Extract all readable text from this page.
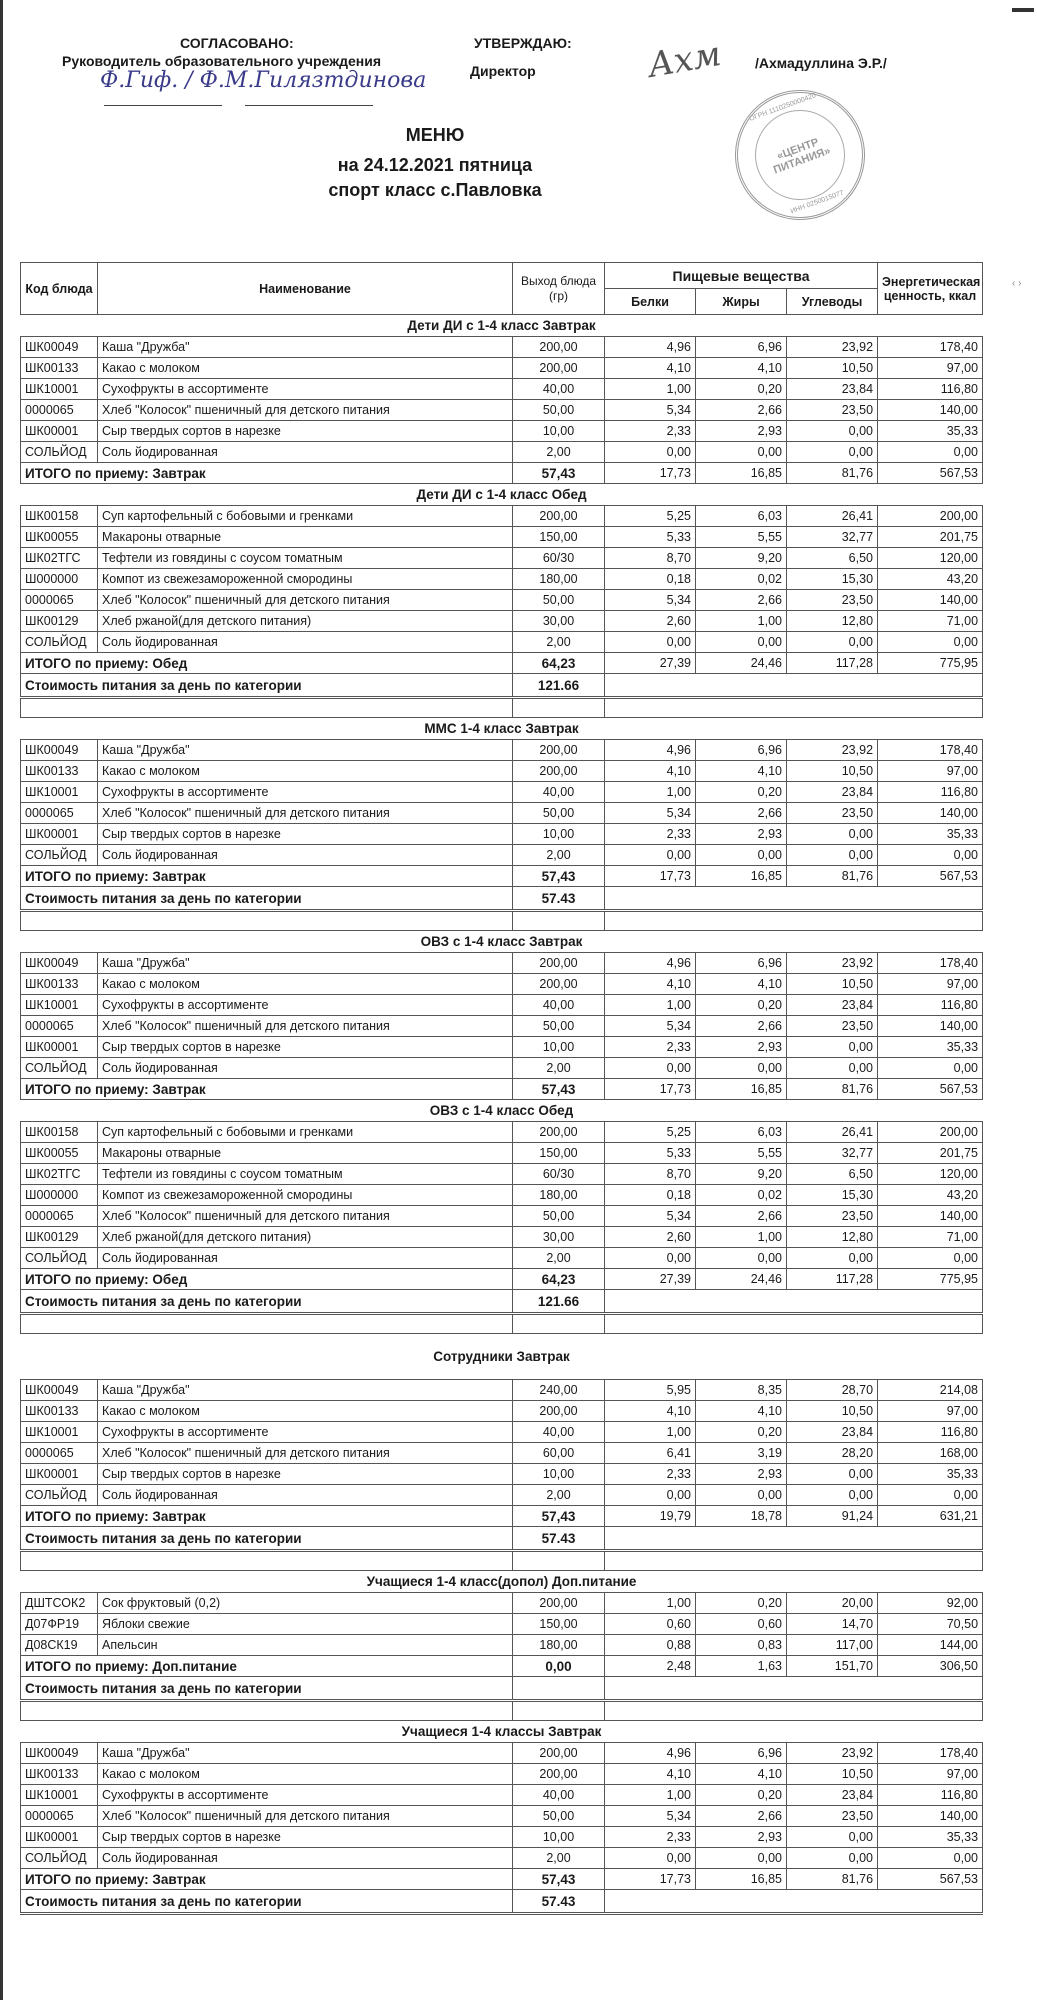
‹ ›
СОГЛАСОВАНО:
Руководитель образовательного учреждения
Ф.Гиф. / Ф.М.Гилязтдинова
УТВЕРЖДАЮ:
Директор	Ахм /Ахмадуллина Э.Р./
ОГРН 1110250000420
«ЦЕНТР ПИТАНИЯ»
ИНН 0250015077
МЕНЮ
на 24.12.2021 пятница
спорт класс с.Павловка
Код блюда	Наименование	Выход блюда (гр)	Пищевые вещества			Энергетическая ценность, ккал
			Белки	Жиры	Углеводы	
Дети ДИ с 1-4 класс Завтрак						
ШК00049	Каша "Дружба"	200,00	4,96	6,96	23,92	178,40
ШК00133	Какао с молоком	200,00	4,10	4,10	10,50	97,00
ШК10001	Сухофрукты в ассортименте	40,00	1,00	0,20	23,84	116,80
0000065	Хлеб "Колосок" пшеничный для детского питания	50,00	5,34	2,66	23,50	140,00
ШК00001	Сыр твердых сортов в нарезке	10,00	2,33	2,93	0,00	35,33
СОЛЬЙОД	Соль йодированная	2,00	0,00	0,00	0,00	0,00
ИТОГО по приему: Завтрак		57,43	17,73	16,85	81,76	567,53
Дети ДИ с 1-4 класс Обед						
ШК00158	Суп картофельный с бобовыми и гренками	200,00	5,25	6,03	26,41	200,00
ШК00055	Макароны отварные	150,00	5,33	5,55	32,77	201,75
ШК02ТГС	Тефтели из говядины с соусом томатным	60/30	8,70	9,20	6,50	120,00
Ш000000	Компот из свежезамороженной смородины	180,00	0,18	0,02	15,30	43,20
0000065	Хлеб "Колосок" пшеничный для детского питания	50,00	5,34	2,66	23,50	140,00
ШК00129	Хлеб ржаной(для детского питания)	30,00	2,60	1,00	12,80	71,00
СОЛЬЙОД	Соль йодированная	2,00	0,00	0,00	0,00	0,00
ИТОГО по приему: Обед		64,23	27,39	24,46	117,28	775,95
Стоимость питания за день по категории		121.66				

ММС 1-4 класс Завтрак						
ШК00049	Каша "Дружба"	200,00	4,96	6,96	23,92	178,40
ШК00133	Какао с молоком	200,00	4,10	4,10	10,50	97,00
ШК10001	Сухофрукты в ассортименте	40,00	1,00	0,20	23,84	116,80
0000065	Хлеб "Колосок" пшеничный для детского питания	50,00	5,34	2,66	23,50	140,00
ШК00001	Сыр твердых сортов в нарезке	10,00	2,33	2,93	0,00	35,33
СОЛЬЙОД	Соль йодированная	2,00	0,00	0,00	0,00	0,00
ИТОГО по приему: Завтрак		57,43	17,73	16,85	81,76	567,53
Стоимость питания за день по категории		57.43				

ОВЗ с 1-4 класс Завтрак						
ШК00049	Каша "Дружба"	200,00	4,96	6,96	23,92	178,40
ШК00133	Какао с молоком	200,00	4,10	4,10	10,50	97,00
ШК10001	Сухофрукты в ассортименте	40,00	1,00	0,20	23,84	116,80
0000065	Хлеб "Колосок" пшеничный для детского питания	50,00	5,34	2,66	23,50	140,00
ШК00001	Сыр твердых сортов в нарезке	10,00	2,33	2,93	0,00	35,33
СОЛЬЙОД	Соль йодированная	2,00	0,00	0,00	0,00	0,00
ИТОГО по приему: Завтрак		57,43	17,73	16,85	81,76	567,53
ОВЗ с 1-4 класс Обед						
ШК00158	Суп картофельный с бобовыми и гренками	200,00	5,25	6,03	26,41	200,00
ШК00055	Макароны отварные	150,00	5,33	5,55	32,77	201,75
ШК02ТГС	Тефтели из говядины с соусом томатным	60/30	8,70	9,20	6,50	120,00
Ш000000	Компот из свежезамороженной смородины	180,00	0,18	0,02	15,30	43,20
0000065	Хлеб "Колосок" пшеничный для детского питания	50,00	5,34	2,66	23,50	140,00
ШК00129	Хлеб ржаной(для детского питания)	30,00	2,60	1,00	12,80	71,00
СОЛЬЙОД	Соль йодированная	2,00	0,00	0,00	0,00	0,00
ИТОГО по приему: Обед		64,23	27,39	24,46	117,28	775,95
Стоимость питания за день по категории		121.66				

Сотрудники Завтрак						
ШК00049	Каша "Дружба"	240,00	5,95	8,35	28,70	214,08
ШК00133	Какао с молоком	200,00	4,10	4,10	10,50	97,00
ШК10001	Сухофрукты в ассортименте	40,00	1,00	0,20	23,84	116,80
0000065	Хлеб "Колосок" пшеничный для детского питания	60,00	6,41	3,19	28,20	168,00
ШК00001	Сыр твердых сортов в нарезке	10,00	2,33	2,93	0,00	35,33
СОЛЬЙОД	Соль йодированная	2,00	0,00	0,00	0,00	0,00
ИТОГО по приему: Завтрак		57,43	19,79	18,78	91,24	631,21
Стоимость питания за день по категории		57.43				

Учащиеся 1-4 класс(допол) Доп.питание						
ДШТСОК2	Сок фруктовый (0,2)	200,00	1,00	0,20	20,00	92,00
Д07ФР19	Яблоки свежие	150,00	0,60	0,60	14,70	70,50
Д08СК19	Апельсин	180,00	0,88	0,83	117,00	144,00
ИТОГО по приему: Доп.питание		0,00	2,48	1,63	151,70	306,50
Стоимость питания за день по категории						

Учащиеся 1-4 классы Завтрак						
ШК00049	Каша "Дружба"	200,00	4,96	6,96	23,92	178,40
ШК00133	Какао с молоком	200,00	4,10	4,10	10,50	97,00
ШК10001	Сухофрукты в ассортименте	40,00	1,00	0,20	23,84	116,80
0000065	Хлеб "Колосок" пшеничный для детского питания	50,00	5,34	2,66	23,50	140,00
ШК00001	Сыр твердых сортов в нарезке	10,00	2,33	2,93	0,00	35,33
СОЛЬЙОД	Соль йодированная	2,00	0,00	0,00	0,00	0,00
ИТОГО по приему: Завтрак		57,43	17,73	16,85	81,76	567,53
Стоимость питания за день по категории		57.43				
